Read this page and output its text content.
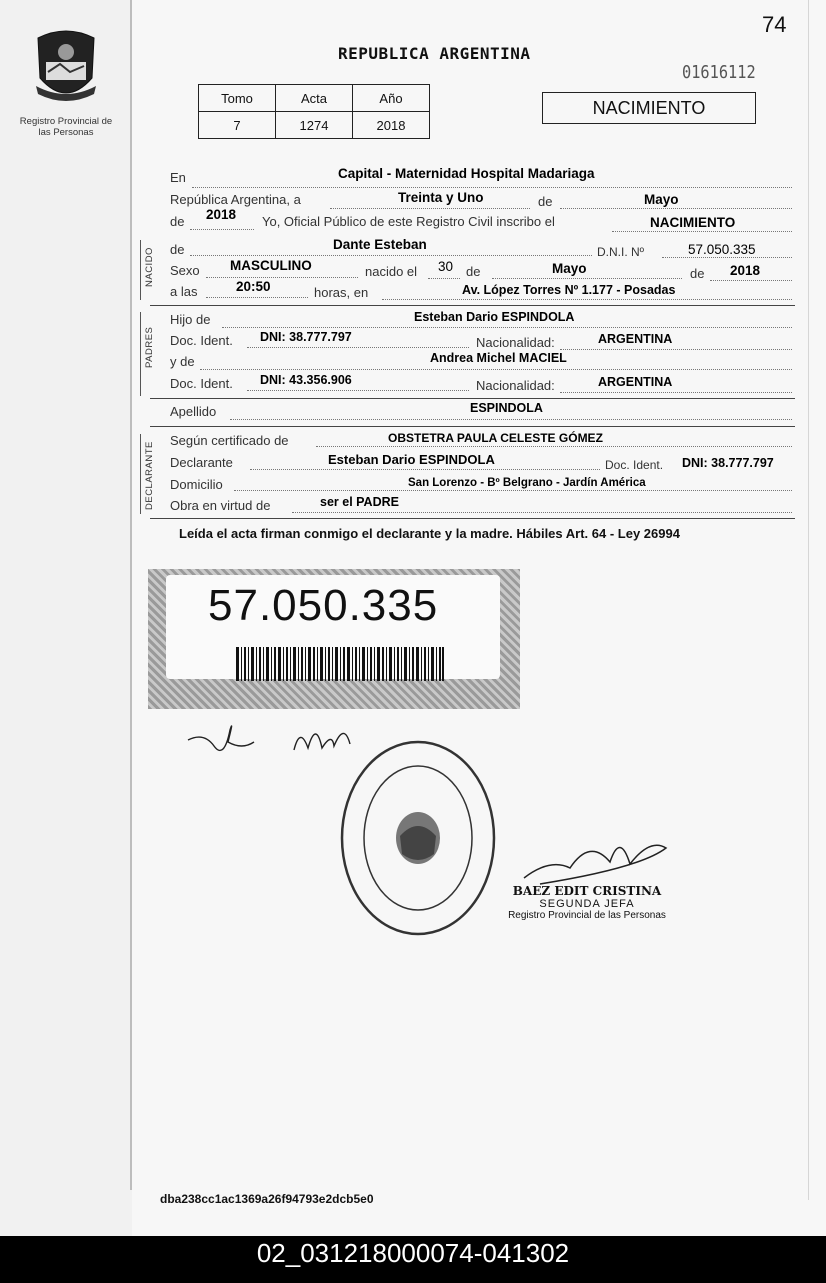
Registro Provincial de las Personas
74
REPUBLICA ARGENTINA
01616112
Tomo	Acta	Año
7	1274	2018
NACIMIENTO
En	Capital - Maternidad Hospital Madariaga
República Argentina, a	Treinta y Uno	de	Mayo
de 2018 Yo, Oficial Público de este Registro Civil inscribo el	NACIMIENTO
NACIDO de	Dante Esteban	D.N.I. Nº	57.050.335
Sexo MASCULINO	nacido el 30 de	Mayo	de 2018
a las	20:50	horas, en	Av. López Torres Nº 1.177 - Posadas
PADRES
Hijo de	Esteban Dario ESPINDOLA
Doc. Ident. DNI: 38.777.797	Nacionalidad:	ARGENTINA
y de	Andrea Michel MACIEL
Doc. Ident. DNI: 43.356.906	Nacionalidad:	ARGENTINA
Apellido	ESPINDOLA
DECLARANTE
Según certificado de	OBSTETRA PAULA CELESTE GÓMEZ
Declarante	Esteban Dario ESPINDOLA	Doc. Ident. DNI: 38.777.797
Domicilio	San Lorenzo - Bº Belgrano - Jardín América
Obra en virtud de	ser el PADRE
Leída el acta firman conmigo el declarante y la madre. Hábiles Art. 64 - Ley 26994
57.050.335
BAEZ EDIT CRISTINA
SEGUNDA JEFA
Registro Provincial de las Personas
dba238cc1ac1369a26f94793e2dcb5e0
02_031218000074-041302
